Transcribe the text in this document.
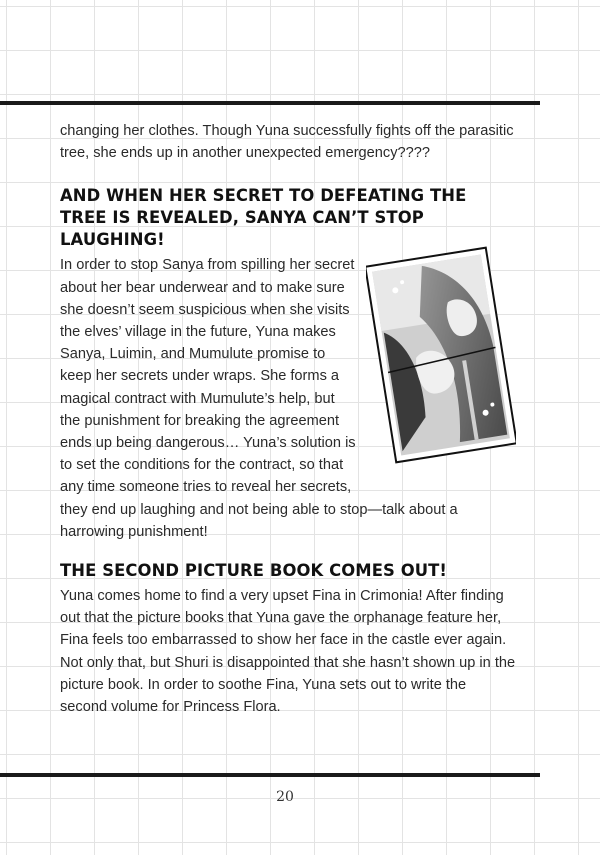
changing her clothes. Though Yuna successfully fights off the parasitic tree, she ends up in another unexpected emergency????

AND WHEN HER SECRET TO DEFEATING THE TREE IS REVEALED, SANYA CAN’T STOP LAUGHING!

In order to stop Sanya from spilling her secret about her bear underwear and to make sure she doesn’t seem suspicious when she visits the elves’ village in the future, Yuna makes Sanya, Luimin, and Mumulute promise to keep her secrets under wraps. She forms a magical contract with Mumulute’s help, but the punishment for breaking the agreement ends up being dangerous… Yuna’s solution is to set the conditions for the contract, so that any time someone tries to reveal her secrets, they end up laughing and not being able to stop—talk about a harrowing punishment!

THE SECOND PICTURE BOOK COMES OUT!

Yuna comes home to find a very upset Fina in Crimonia! After finding out that the picture books that Yuna gave the orphanage feature her, Fina feels too embarrassed to show her face in the castle ever again. Not only that, but Shuri is disappointed that she hasn’t shown up in the picture book. In order to soothe Fina, Yuna sets out to write the second volume for Princess Flora.

20
